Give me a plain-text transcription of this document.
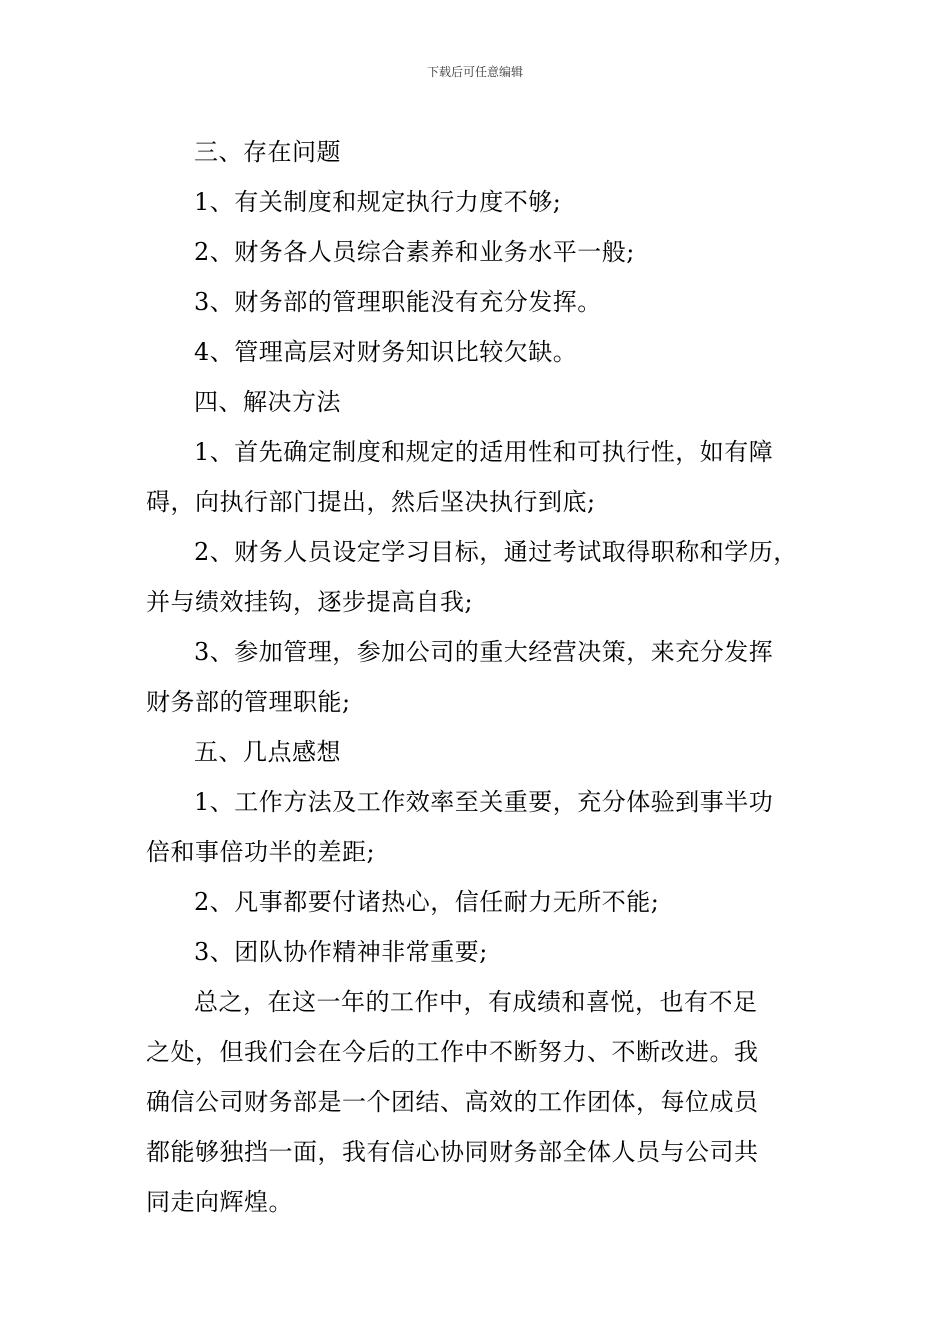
下载后可任意编辑

三、存在问题

1、有关制度和规定执行力度不够;

2、财务各人员综合素养和业务水平一般;

3、财务部的管理职能没有充分发挥。

4、管理高层对财务知识比较欠缺。

四、解决方法

1、首先确定制度和规定的适用性和可执行性，如有障
碍，向执行部门提出，然后坚决执行到底;

2、财务人员设定学习目标，通过考试取得职称和学历，
并与绩效挂钩，逐步提高自我;

3、参加管理，参加公司的重大经营决策，来充分发挥
财务部的管理职能;

五、几点感想

1、工作方法及工作效率至关重要，充分体验到事半功
倍和事倍功半的差距;

2、凡事都要付诸热心，信任耐力无所不能;

3、团队协作精神非常重要;

总之，在这一年的工作中，有成绩和喜悦，也有不足
之处，但我们会在今后的工作中不断努力、不断改进。我
确信公司财务部是一个团结、高效的工作团体，每位成员
都能够独挡一面，我有信心协同财务部全体人员与公司共
同走向辉煌。
